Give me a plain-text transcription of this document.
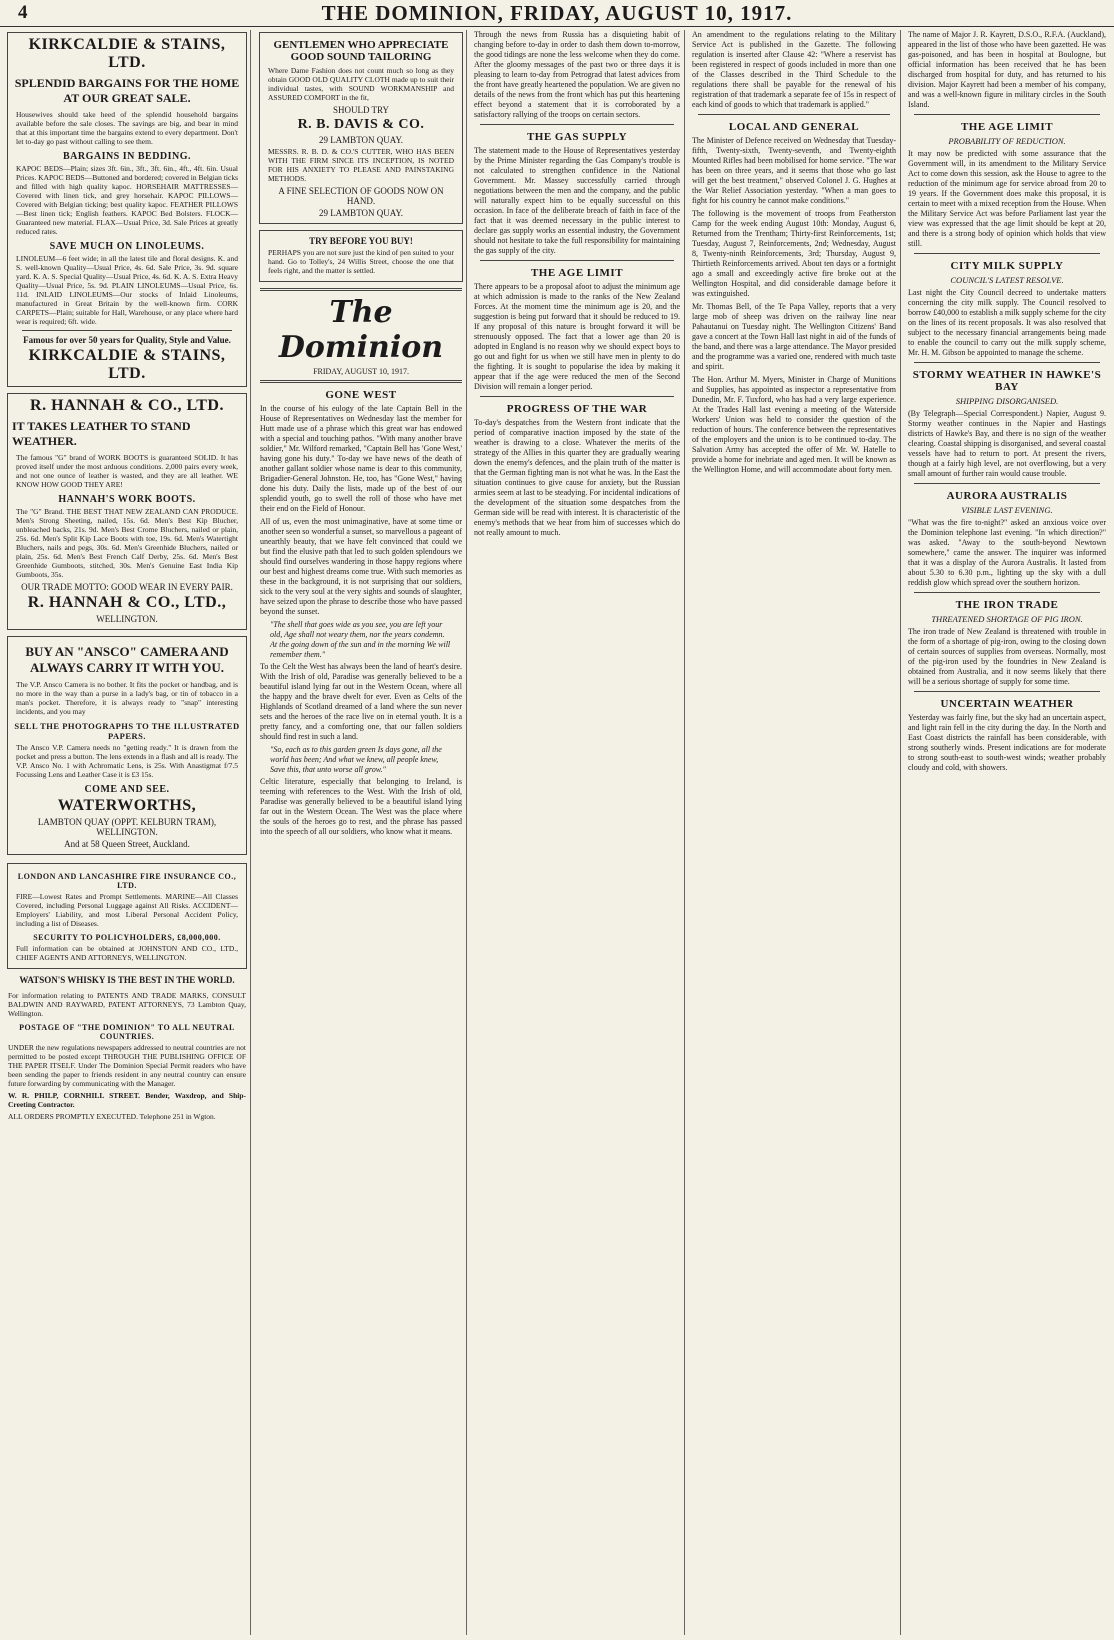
4	THE DOMINION, FRIDAY, AUGUST 10, 1917.
KIRKCALDIE & STAINS, LTD.
SPLENDID BARGAINS FOR THE HOME AT OUR GREAT SALE.

Housewives should take heed of the splendid household bargains available before the sale closes. The savings are big, and bear in mind that at this important time the bargains extend to every department. Don't let to-day go past without calling to see them.

BARGAINS IN BEDDING.

KAPOC BEDS—Plain; sizes 3ft. 6in., 3ft., 3ft. 6in., 4ft., 4ft. 6in. Usual Prices. KAPOC BEDS—Buttoned and bordered; covered in Belgian ticks and filled with high quality kapoc. HORSEHAIR MATTRESSES—Covered with linen tick, and grey horsehair. KAPOC PILLOWS—Covered with Belgian ticking; best quality kapoc. FEATHER PILLOWS—Best linen tick; English feathers. KAPOC Bed Bolsters. FLOCK—Guaranteed new material. FLAX—Usual Price, 3d. Sale Prices at greatly reduced rates.

SAVE MUCH ON LINOLEUMS.

LINOLEUM—6 feet wide; in all the latest tile and floral designs. K. and S. well-known Quality—Usual Price, 4s. 6d. Sale Price, 3s. 9d. square yard. K. A. S. Special Quality—Usual Price, 4s. 6d. K. A. S. Extra Heavy Quality—Usual Price, 5s. 9d. PLAIN LINOLEUMS—Usual Price, 6s. 11d. INLAID LINOLEUMS—Our stocks of Inlaid Linoleums, manufactured in Great Britain by the well-known firm. CORK CARPETS—Plain; suitable for Hall, Warehouse, or any place where hard wear is required; 6ft. wide.

Famous for over 50 years for Quality, Style and Value.
KIRKCALDIE & STAINS, LTD.
R. HANNAH & CO., LTD.
IT TAKES LEATHER TO STAND WEATHER.

The famous "G" brand of WORK BOOTS is guaranteed SOLID. It has proved itself under the most arduous conditions. 2,000 pairs every week, and not one ounce of leather is wasted, and they are all leather. WE KNOW HOW GOOD THEY ARE!

HANNAH'S WORK BOOTS.

The "G" Brand. THE BEST THAT NEW ZEALAND CAN PRODUCE. Men's Strong Sheeting, nailed, 15s. 6d. Men's Best Kip Blucher, unbleached backs, 21s. 9d. Men's Best Crome Bluchers, nailed or plain, 25s. 6d. Men's Split Kip Lace Boots with toe, 19s. 6d. Men's Watertight Bluchers, nails and pegs, 30s. 6d. Men's Greenhide Bluchers, nailed or plain, 25s. 6d. Men's Best French Calf Derby, 25s. 6d. Men's Best Greenhide Gumboots, stitched, 30s. Men's Genuine East India Kip Gumboots, 35s.

OUR TRADE MOTTO: GOOD WEAR IN EVERY PAIR.
R. HANNAH & CO., LTD.,
WELLINGTON.
BUY AN "ANSCO" CAMERA AND ALWAYS CARRY IT WITH YOU.

The V.P. Ansco Camera is no bother. It fits the pocket or handbag, and is no more in the way than a purse in a lady's bag, or tin of tobacco in a man's pocket. Therefore, it is always ready to "snap" interesting incidents, and you may

SELL THE PHOTOGRAPHS TO THE ILLUSTRATED PAPERS.

The Ansco V.P. Camera needs no "getting ready." It is drawn from the pocket and press a button. The lens extends in a flash and all is ready. The V.P. Ansco No. 1 with Achromatic Lens, is 25s. With Anastigmat f/7.5 Focussing Lens and Leather Case it is £3 15s.

COME AND SEE.
WATERWORTHS,
LAMBTON QUAY (OPPT. KELBURN TRAM), WELLINGTON.
And at 58 Queen Street, Auckland.
LONDON AND LANCASHIRE FIRE INSURANCE CO., LTD.

FIRE—Lowest Rates and Prompt Settlements. MARINE—All Classes Covered, including Personal Luggage against All Risks. ACCIDENT—Employers' Liability, and most Liberal Personal Accident Policy, including a list of Diseases.

SECURITY TO POLICYHOLDERS, £8,000,000.

Full information can be obtained at JOHNSTON AND CO., LTD., CHIEF AGENTS AND ATTORNEYS, WELLINGTON.

WATSON'S WHISKY IS THE BEST IN THE WORLD.

For information relating to PATENTS AND TRADE MARKS, CONSULT BALDWIN AND RAYWARD, PATENT ATTORNEYS, 73 Lambton Quay, Wellington.

POSTAGE OF "THE DOMINION" TO ALL NEUTRAL COUNTRIES.

UNDER the new regulations newspapers addressed to neutral countries are not permitted to be posted except THROUGH THE PUBLISHING OFFICE OF THE PAPER ITSELF. Under The Dominion Special Permit readers who have been sending the paper to friends resident in any neutral country can ensure future forwarding by communicating with the Manager.

W. R. PHILP, CORNHILL STREET. Bender, Waxdrop, and Ship-Creeting Contractor.

ALL ORDERS PROMPTLY EXECUTED. Telephone 251 in Wgton.

GENTLEMEN WHO APPRECIATE GOOD SOUND TAILORING

Where Dame Fashion does not count much so long as they obtain GOOD OLD QUALITY CLOTH made up to suit their individual tastes, with SOUND WORKMANSHIP and ASSURED COMFORT in the fit,

SHOULD TRY
R. B. DAVIS & CO.
29 LAMBTON QUAY.

MESSRS. R. B. D. & CO.'S CUTTER, WHO HAS BEEN WITH THE FIRM SINCE ITS INCEPTION, IS NOTED FOR HIS ANXIETY TO PLEASE AND PAINSTAKING METHODS.

A FINE SELECTION OF GOODS NOW ON HAND.
29 LAMBTON QUAY.
TRY BEFORE YOU BUY!

PERHAPS you are not sure just the kind of pen suited to your hand. Go to Tolley's, 24 Willis Street, choose the one that feels right, and the matter is settled.

The Dominion
FRIDAY, AUGUST 10, 1917.
GONE WEST

In the course of his eulogy of the late Captain Bell in the House of Representatives on Wednesday last the member for Hutt made use of a phrase which this great war has endowed with a special and touching pathos. "With many another brave soldier," Mr. Wilford remarked, "Captain Bell has 'Gone West,' having gone his duty." To-day we have news of the death of another gallant soldier whose name is dear to this community, Brigadier-General Johnston. He, too, has "Gone West," having done his duty. Daily the lists, made up of the best of our splendid youth, go to swell the roll of those who have met their end on the Field of Honour.

All of us, even the most unimaginative, have at some time or another seen so wonderful a sunset, so marvellous a pageant of unearthly beauty, that we have felt convinced that could we but find the elusive path that led to such golden splendours we should find ourselves wandering in those happy regions where our best and highest dreams come true. With such memories as these in the background, it is not surprising that our soldiers, sick to the very soul at the very sights and sounds of slaughter, have seized upon the phrase to describe those who have passed beyond the sunset.

"The shell that goes wide as you see, you are left your old, Age shall not weary them, nor the years condemn. At the going down of the sun and in the morning We will remember them."

To the Celt the West has always been the land of heart's desire. With the Irish of old, Paradise was generally believed to be a beautiful island lying far out in the Western Ocean, where all the happy and the brave dwelt for ever. Even as Celts of the Highlands of Scotland dreamed of a land where the sun never sets and the heroes of the race live on in eternal youth. It is a pretty fancy, and a comforting one, that our fallen soldiers should find rest in such a land.

"So, each as to this garden green Is days gone, all the world has been; And what we knew, all people knew, Save this, that unto worse all grow."

Celtic literature, especially that belonging to Ireland, is teeming with references to the West. With the Irish of old, Paradise was generally believed to be a beautiful island lying far out in the Western Ocean. The West was the place where the souls of the heroes go to rest, and the phrase has passed into the speech of all our soldiers, who know what it means.

Through the news from Russia has a disquieting habit of changing before to-day in order to dash them down to-morrow, the good tidings are none the less welcome when they do come. After the gloomy messages of the past two or three days it is pleasing to learn to-day from Petrograd that latest advices from the front have greatly heartened the population. We are given no details of the news from the front which has put this heartening effect beyond a statement that it is corroborated by a satisfactory rallying of the troops on certain sectors.

THE GAS SUPPLY

The statement made to the House of Representatives yesterday by the Prime Minister regarding the Gas Company's trouble is not calculated to strengthen confidence in the National Government. Mr. Massey successfully carried through negotiations between the men and the company, and the public will naturally expect him to be equally successful on this occasion. In face of the deliberate breach of faith in face of the fact that it was deemed necessary in the public interest to declare gas supply works an essential industry, the Government should not hesitate to take the full responsibility for maintaining the gas supply of the city.

THE AGE LIMIT

There appears to be a proposal afoot to adjust the minimum age at which admission is made to the ranks of the New Zealand Forces. At the moment time the minimum age is 20, and the suggestion is being put forward that it should be reduced to 19. If any proposal of this nature is brought forward it will be strenuously opposed. The fact that a lower age than 20 is adopted in England is no reason why we should expect boys to go out and fight for us when we still have men in plenty to do the fighting. It is sought to popularise the idea by making it appear that if the age were reduced the men of the Second Division will remain a longer period.

PROGRESS OF THE WAR

To-day's despatches from the Western front indicate that the period of comparative inaction imposed by the state of the weather is drawing to a close. Whatever the merits of the strategy of the Allies in this quarter they are gradually wearing down the enemy's defences, and the plain truth of the matter is that the German fighting man is not what he was. In the East the situation continues to give cause for anxiety, but the Russian armies seem at last to be steadying. For incidental indications of the development of the situation some despatches from the German side will be read with interest. It is characteristic of the enemy's methods that we hear from him of successes which do not really amount to much.

An amendment to the regulations relating to the Military Service Act is published in the Gazette. The following regulation is inserted after Clause 42: "Where a reservist has been registered in respect of goods included in more than one of the Classes described in the Third Schedule to the regulations there shall be payable for the renewal of his registration of that trademark a separate fee of 15s in respect of each kind of goods to which that trademark is applied."

LOCAL AND GENERAL

The Minister of Defence received on Wednesday that Tuesday-fifth, Twenty-sixth, Twenty-seventh, and Twenty-eighth Mounted Rifles had been mobilised for home service. "The war has been on three years, and it seems that those who go last will get the best treatment," observed Colonel J. G. Hughes at the War Relief Association yesterday. "When a man goes to fight for his country he cannot make conditions."

The following is the movement of troops from Featherston Camp for the week ending August 10th: Monday, August 6, Returned from the Trentham; Thirty-first Reinforcements, 1st; Tuesday, August 7, Reinforcements, 2nd; Wednesday, August 8, Twenty-ninth Reinforcements, 3rd; Thursday, August 9, Thirtieth Reinforcements arrived. About ten days or a fortnight ago a small and exceedingly active fire broke out at the Wellington Hospital, and did considerable damage before it was extinguished.

Mr. Thomas Bell, of the Te Papa Valley, reports that a very large mob of sheep was driven on the railway line near Pahautanui on Tuesday night. The Wellington Citizens' Band gave a concert at the Town Hall last night in aid of the funds of the band, and there was a large attendance. The Mayor presided and the programme was a varied one, rendered with much taste and spirit.

The Hon. Arthur M. Myers, Minister in Charge of Munitions and Supplies, has appointed as inspector a representative from Dunedin, Mr. F. Tuxford, who has had a very large experience. At the Trades Hall last evening a meeting of the Waterside Workers' Union was held to consider the question of the reduction of hours. The conference between the representatives of the employers and the union is to be continued to-day. The Salvation Army has accepted the offer of Mr. W. Hatelle to provide a home for inebriate and aged men. It will be known as the Wellington Home, and will accommodate about forty men.

The name of Major J. R. Kayrett, D.S.O., R.F.A. (Auckland), appeared in the list of those who have been gazetted. He was gas-poisoned, and has been in hospital at Boulogne, but official information has been received that he has been discharged from hospital for duty, and has returned to his division. Major Kayrett had been a member of his company, and was a well-known figure in military circles in the South Island.

THE AGE LIMIT
PROBABILITY OF REDUCTION.

It may now be predicted with some assurance that the Government will, in its amendment to the Military Service Act to come down this session, ask the House to agree to the reduction of the minimum age for service abroad from 20 to 19 years. If the Government does make this proposal, it is certain to meet with a mixed reception from the House. When the Military Service Act was before Parliament last year the view was expressed that the age limit should be kept at 20, and there is a strong body of opinion which holds that view still.

CITY MILK SUPPLY
COUNCIL'S LATEST RESOLVE.

Last night the City Council decreed to undertake matters concerning the city milk supply. The Council resolved to borrow £40,000 to establish a milk supply scheme for the city on the lines of its recent proposals. It was also resolved that subject to the necessary financial arrangements being made to enable the council to carry out the milk supply scheme, Mr. H. M. Gibson be appointed to manage the scheme.

STORMY WEATHER IN HAWKE'S BAY
SHIPPING DISORGANISED.

(By Telegraph—Special Correspondent.) Napier, August 9. Stormy weather continues in the Napier and Hastings districts of Hawke's Bay, and there is no sign of the weather clearing. Coastal shipping is disorganised, and several coastal vessels have had to return to port. At present the rivers, though at a fairly high level, are not overflowing, but a very small amount of further rain would cause trouble.

AURORA AUSTRALIS
VISIBLE LAST EVENING.

"What was the fire to-night?" asked an anxious voice over the Dominion telephone last evening. "In which direction?" was asked. "Away to the south-beyond Newtown somewhere," came the answer. The inquirer was informed that it was a display of the Aurora Australis. It lasted from about 5.30 to 6.30 p.m., lighting up the sky with a dull reddish glow which spread over the southern horizon.

THE IRON TRADE
THREATENED SHORTAGE OF PIG IRON.

The iron trade of New Zealand is threatened with trouble in the form of a shortage of pig-iron, owing to the closing down of certain sources of supplies from overseas. Normally, most of the pig-iron used by the foundries in New Zealand is obtained from Australia, and it now seems likely that there will be a serious shortage of supply for some time.

UNCERTAIN WEATHER

Yesterday was fairly fine, but the sky had an uncertain aspect, and light rain fell in the city during the day. In the North and East Coast districts the rainfall has been considerable, with strong southerly winds. Present indications are for moderate to strong south-east to south-west winds; weather probably cloudy and cold, with showers.
